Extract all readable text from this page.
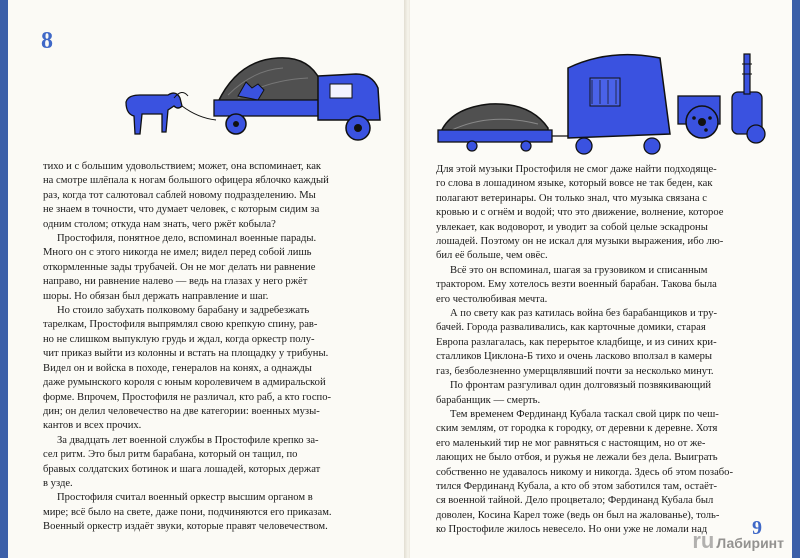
8
тихо и с большим удовольствием; может, она вспоминает, как
на смотре шлёпала к ногам большого офицера яблочко каждый
раз, когда тот салютовал саблей новому подразделению. Мы
не знаем в точности, что думает человек, с которым сидим за
одним столом; откуда нам знать, чего ржёт кобыла?
Простофиля, понятное дело, вспоминал военные парады.
Много он с этого никогда не имел; видел перед собой лишь
откормленные зады трубачей. Он не мог делать ни равнение
направо, ни равнение налево — ведь на глазах у него ржёт
шоры. Но обязан был держать направление и шаг.
Но стоило забухать полковому барабану и задребезжать
тарелкам, Простофиля выпрямлял свою крепкую спину, рав-
но не слишком выпуклую грудь и ждал, когда оркестр полу-
чит приказ выйти из колонны и встать на площадку у трибуны.
Видел он и войска в походе, генералов на конях, а однажды
даже румынского короля с юным королевичем в адмиральской
форме. Впрочем, Простофиля не различал, кто раб, а кто госпо-
дин; он делил человечество на две категории: военных музы-
кантов и всех прочих.
За двадцать лет военной службы в Простофиле крепко за-
сел ритм. Это был ритм барабана, который он тащил, по
бравых солдатских ботинок и шага лошадей, которых держат
в узде.
Простофиля считал военный оркестр высшим органом в
мире; всё было на свете, даже пони, подчиняются его приказам.
Военный оркестр издаёт звуки, которые правят человечеством.
Для этой музыки Простофиля не смог даже найти подходяще-
го слова в лошадином языке, который вовсе не так беден, как
полагают ветеринары. Он только знал, что музыка связана с
кровью и с огнём и водой; что это движение, волнение, которое
увлекает, как водоворот, и уводит за собой целые эскадроны
лошадей. Поэтому он не искал для музыки выражения, ибо лю-
бил её больше, чем овёс.
Всё это он вспоминал, шагая за грузовиком и списанным
трактором. Ему хотелось везти военный барабан. Такова была
его честолюбивая мечта.
А по свету как раз катилась война без барабанщиков и тру-
бачей. Города разваливались, как карточные домики, старая
Европа разлагалась, как перерытое кладбище, и из синих кри-
сталликов Циклона-Б тихо и очень ласково вползал в камеры
газ, безболезненно умерщвлявший почти за несколько минут.
По фронтам разгуливал один долговязый позвякивающий
барабанщик — смерть.
Тем временем Фердинанд Кубала таскал свой цирк по чеш-
ским землям, от городка к городку, от деревни к деревне. Хотя
его маленький тир не мог равняться с настоящим, но от же-
лающих не было отбоя, и ружья не лежали без дела. Выиграть
собственно не удавалось никому и никогда. Здесь об этом позабо-
тился Фердинанд Кубала, а кто об этом заботился там, остаёт-
ся военной тайной. Дело процветало; Фердинанд Кубала был
доволен, Косина Карел тоже (ведь он был на жалованье), толь-
ко Простофиле жилось невесело. Но они уже не ломали над	9
ru Лабиринт
